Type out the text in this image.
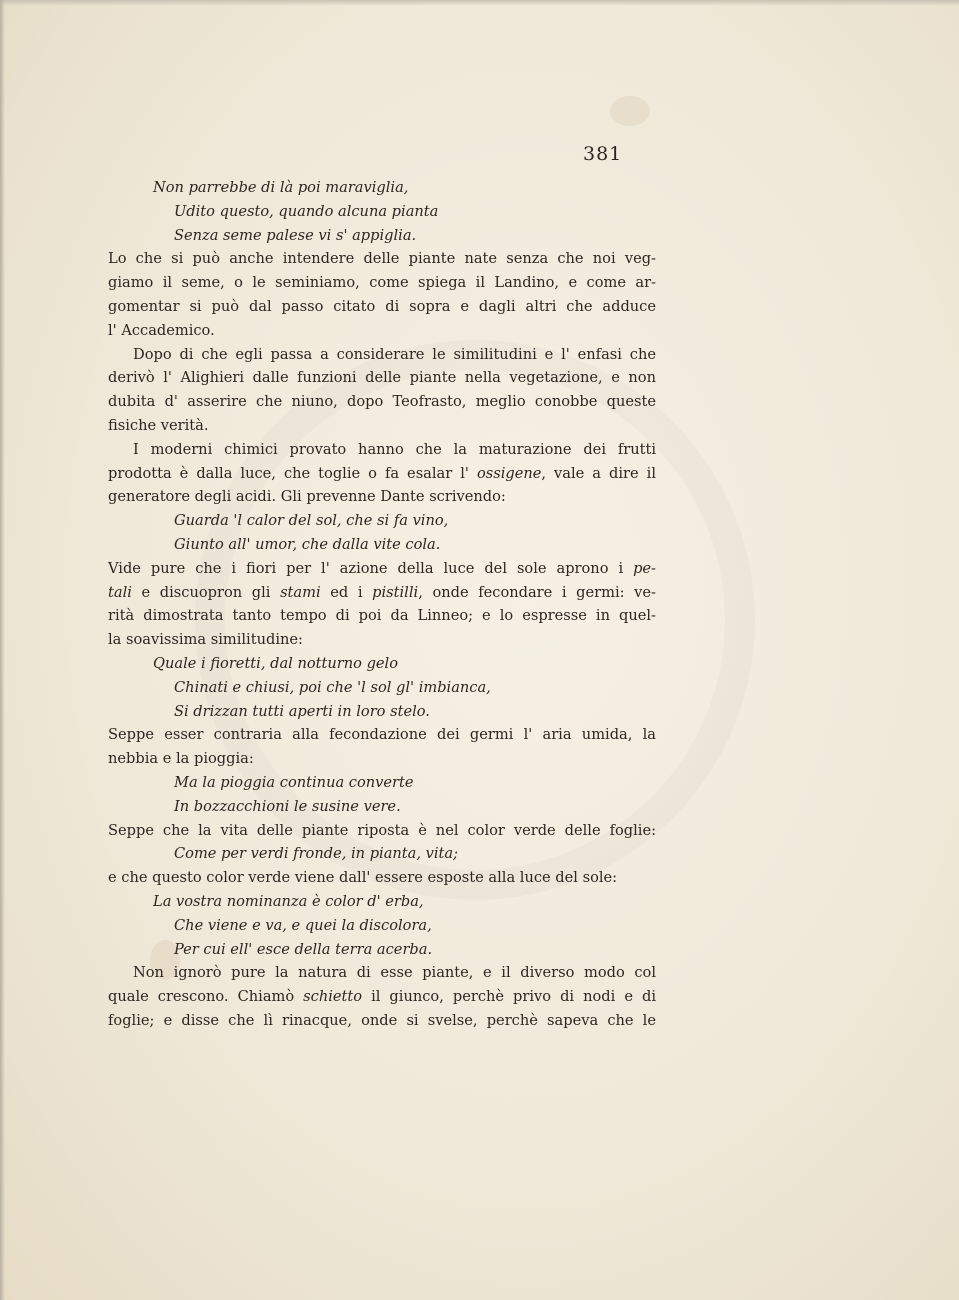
381
Non parrebbe di là poi maraviglia,
Udito questo, quando alcuna pianta
Senza seme palese vi s' appiglia.
Lo che si può anche intendere delle piante nate senza che noi veg-
giamo il seme, o le seminiamo, come spiega il Landino, e come ar-
gomentar si può dal passo citato di sopra e dagli altri che adduce
l' Accademico.
Dopo di che egli passa a considerare le similitudini e l' enfasi che
derivò l' Alighieri dalle funzioni delle piante nella vegetazione, e non
dubita d' asserire che niuno, dopo Teofrasto, meglio conobbe queste
fisiche verità.
I moderni chimici provato hanno che la maturazione dei frutti
prodotta è dalla luce, che toglie o fa esalar l' ossigene, vale a dire il
generatore degli acidi. Gli prevenne Dante scrivendo:
Guarda 'l calor del sol, che si fa vino,
Giunto all' umor, che dalla vite cola.
Vide pure che i fiori per l' azione della luce del sole aprono i pe-
tali e discuopron gli stami ed i pistilli, onde fecondare i germi: ve-
rità dimostrata tanto tempo di poi da Linneo; e lo espresse in quel-
la soavissima similitudine:
Quale i fioretti, dal notturno gelo
Chinati e chiusi, poi che 'l sol gl' imbianca,
Si drizzan tutti aperti in loro stelo.
Seppe esser contraria alla fecondazione dei germi l' aria umida, la
nebbia e la pioggia:
Ma la pioggia continua converte
In bozzacchioni le susine vere.
Seppe che la vita delle piante riposta è nel color verde delle foglie:
Come per verdi fronde, in pianta, vita;
e che questo color verde viene dall' essere esposte alla luce del sole:
La vostra nominanza è color d' erba,
Che viene e va, e quei la discolora,
Per cui ell' esce della terra acerba.
Non ignorò pure la natura di esse piante, e il diverso modo col
quale crescono. Chiamò schietto il giunco, perchè privo di nodi e di
foglie; e disse che lì rinacque, onde si svelse, perchè sapeva che le
